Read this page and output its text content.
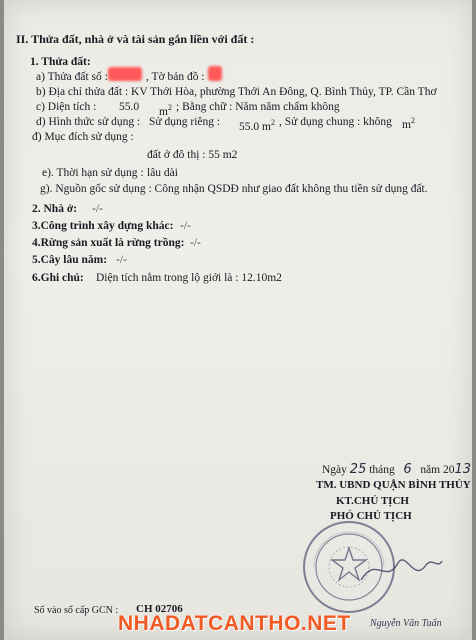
II. Thửa đất, nhà ở và tài sản gắn liền với đất :
1. Thửa đất:
a) Thửa đất số :	, Tờ bản đồ :
b) Địa chỉ thửa đất : KV Thới Hòa, phường Thới An Đông, Q. Bình Thủy, TP. Cần Thơ
c) Diện tích : 55.0 $m^2$ ; Bằng chữ : Năm năm chấm không
d) Hình thức sử dụng : Sử dụng riêng : 55.0 $m^2$ , Sử dụng chung : không $m^2$
đ) Mục đích sử dụng :
đất ở đô thị : 55 m2
e). Thời hạn sử dụng : lâu dài
g). Nguồn gốc sử dụng : Công nhận QSDĐ như giao đất không thu tiền sử dụng đất.
2. Nhà ở: -/-
3.Công trình xây dựng khác: -/-
4.Rừng sản xuất là rừng trồng: -/-
5.Cây lâu năm: -/-
6.Ghi chú: Diện tích nằm trong lộ giới là : 12.10m2
Ngày 25 tháng 6 năm 2013
TM. UBND QUẬN BÌNH THỦY
KT.CHỦ TỊCH
PHÓ CHỦ TỊCH
Số vào sổ cấp GCN : CH 02706
Nguyễn Văn Tuấn
NHADATCANTHO.NET
